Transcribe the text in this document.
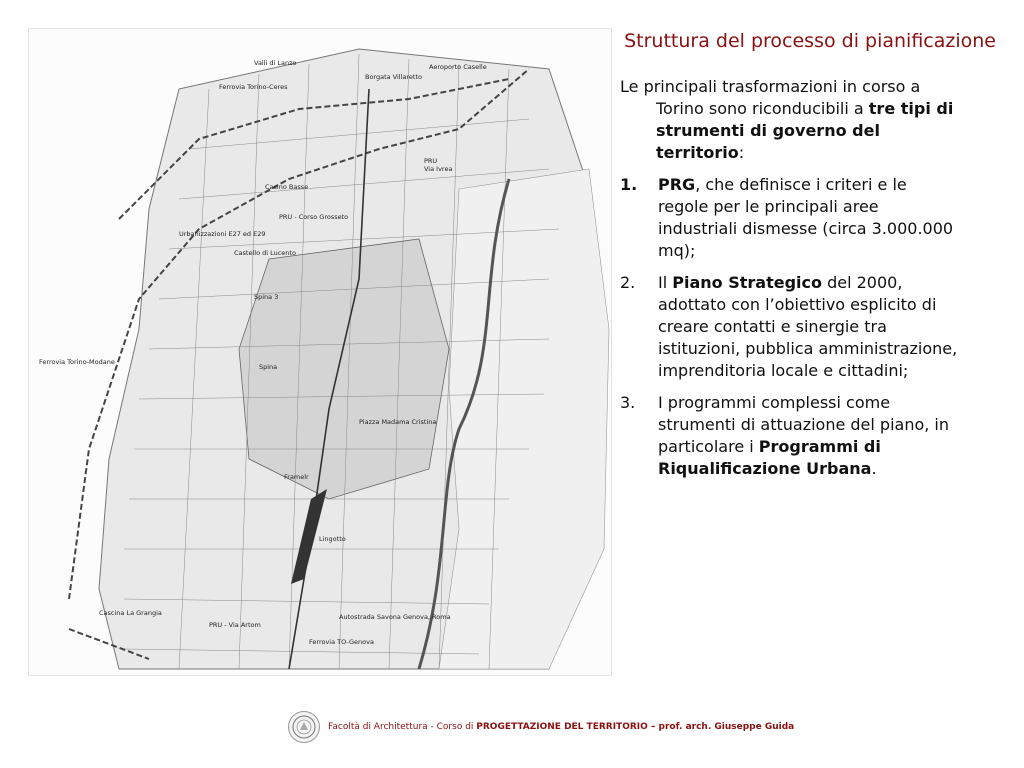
Struttura del processo di pianificazione
Valli di Lanzo
Borgata Villaretto
Aeroporto Caselle
Ferrovia Torino-Ceres
PRU
Via Ivrea
Casino Basse
PRU - Corso Grosseto
Urbanizzazioni E27 ed E29
Castello di Lucento
Spina 3
Spina
Ferrovia Torino-Modane
Piazza Madama Cristina
Framelr
Lingotto
Cascina La Grangia
PRU - Via Artom
Autostrada Savona Genova, Roma
Ferrovia TO-Genova

Le principali trasformazioni in corso a Torino sono riconducibili a tre tipi di strumenti di governo del territorio:

1. PRG, che definisce i criteri e le regole per le principali aree industriali dismesse (circa 3.000.000 mq);
2. Il Piano Strategico del 2000, adottato con l’obiettivo esplicito di creare contatti e sinergie tra istituzioni, pubblica amministrazione, imprenditoria locale e cittadini;
3. I programmi complessi come strumenti di attuazione del piano, in particolare i Programmi di Riqualificazione Urbana.
Facoltà di Architettura - Corso di PROGETTAZIONE DEL TERRITORIO – prof. arch. Giuseppe Guida
